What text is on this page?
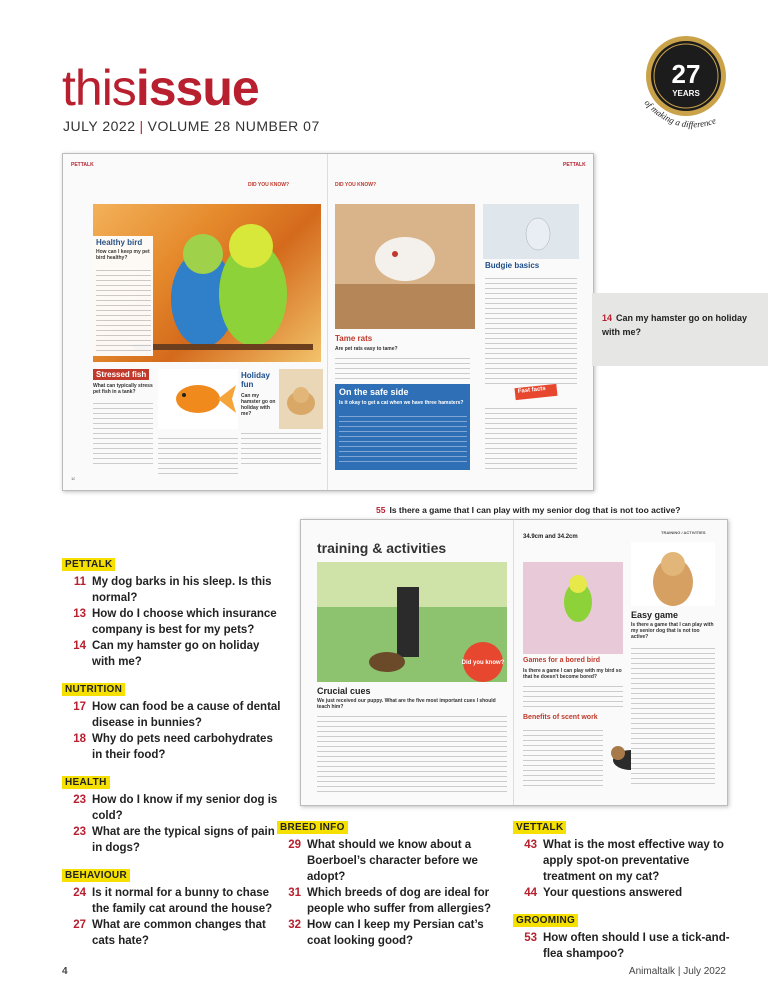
thisissue
JULY 2022 | VOLUME 28 NUMBER 07
27
YEARS
of making a difference
PETTALK
DID YOU KNOW?
Healthy bird
How can I keep my pet bird healthy?
Stressed fish
What can typically stress pet fish in a tank?
Holiday fun
Can my hamster go on holiday with me?
10
PETTALK
DID YOU KNOW?
Tame rats
Are pet rats easy to tame?
On the safe side
Is it okay to get a cat when we have three hamsters?
Budgie basics
Fast facts
14 Can my hamster go on holiday with me?
55 Is there a game that I can play with my senior dog that is not too active?
training & activities
TRAINING / ACTIVITIES
Did you know?
Crucial cues
We just received our puppy. What are the five most important cues I should teach him?
34.9cm and 34.2cm
Games for a bored bird
Is there a game I can play with my bird so that he doesn't become bored?
Benefits of scent work
Easy game
Is there a game that I can play with my senior dog that is not too active?
PETTALK
11 My dog barks in his sleep. Is this normal?
13 How do I choose which insurance company is best for my pets?
14 Can my hamster go on holiday with me?
NUTRITION
17 How can food be a cause of dental disease in bunnies?
18 Why do pets need carbohydrates in their food?
HEALTH
23 How do I know if my senior dog is cold?
23 What are the typical signs of pain in dogs?
BEHAVIOUR
24 Is it normal for a bunny to chase the family cat around the house?
27 What are common changes that cats hate?
BREED INFO
29 What should we know about a Boerboel’s character before we adopt?
31 Which breeds of dog are ideal for people who suffer from allergies?
32 How can I keep my Persian cat’s coat looking good?
VETTALK
43 What is the most effective way to apply spot-on preventative treatment on my cat?
44 Your questions answered
GROOMING
53 How often should I use a tick-and-flea shampoo?
4	Animaltalk | July 2022
